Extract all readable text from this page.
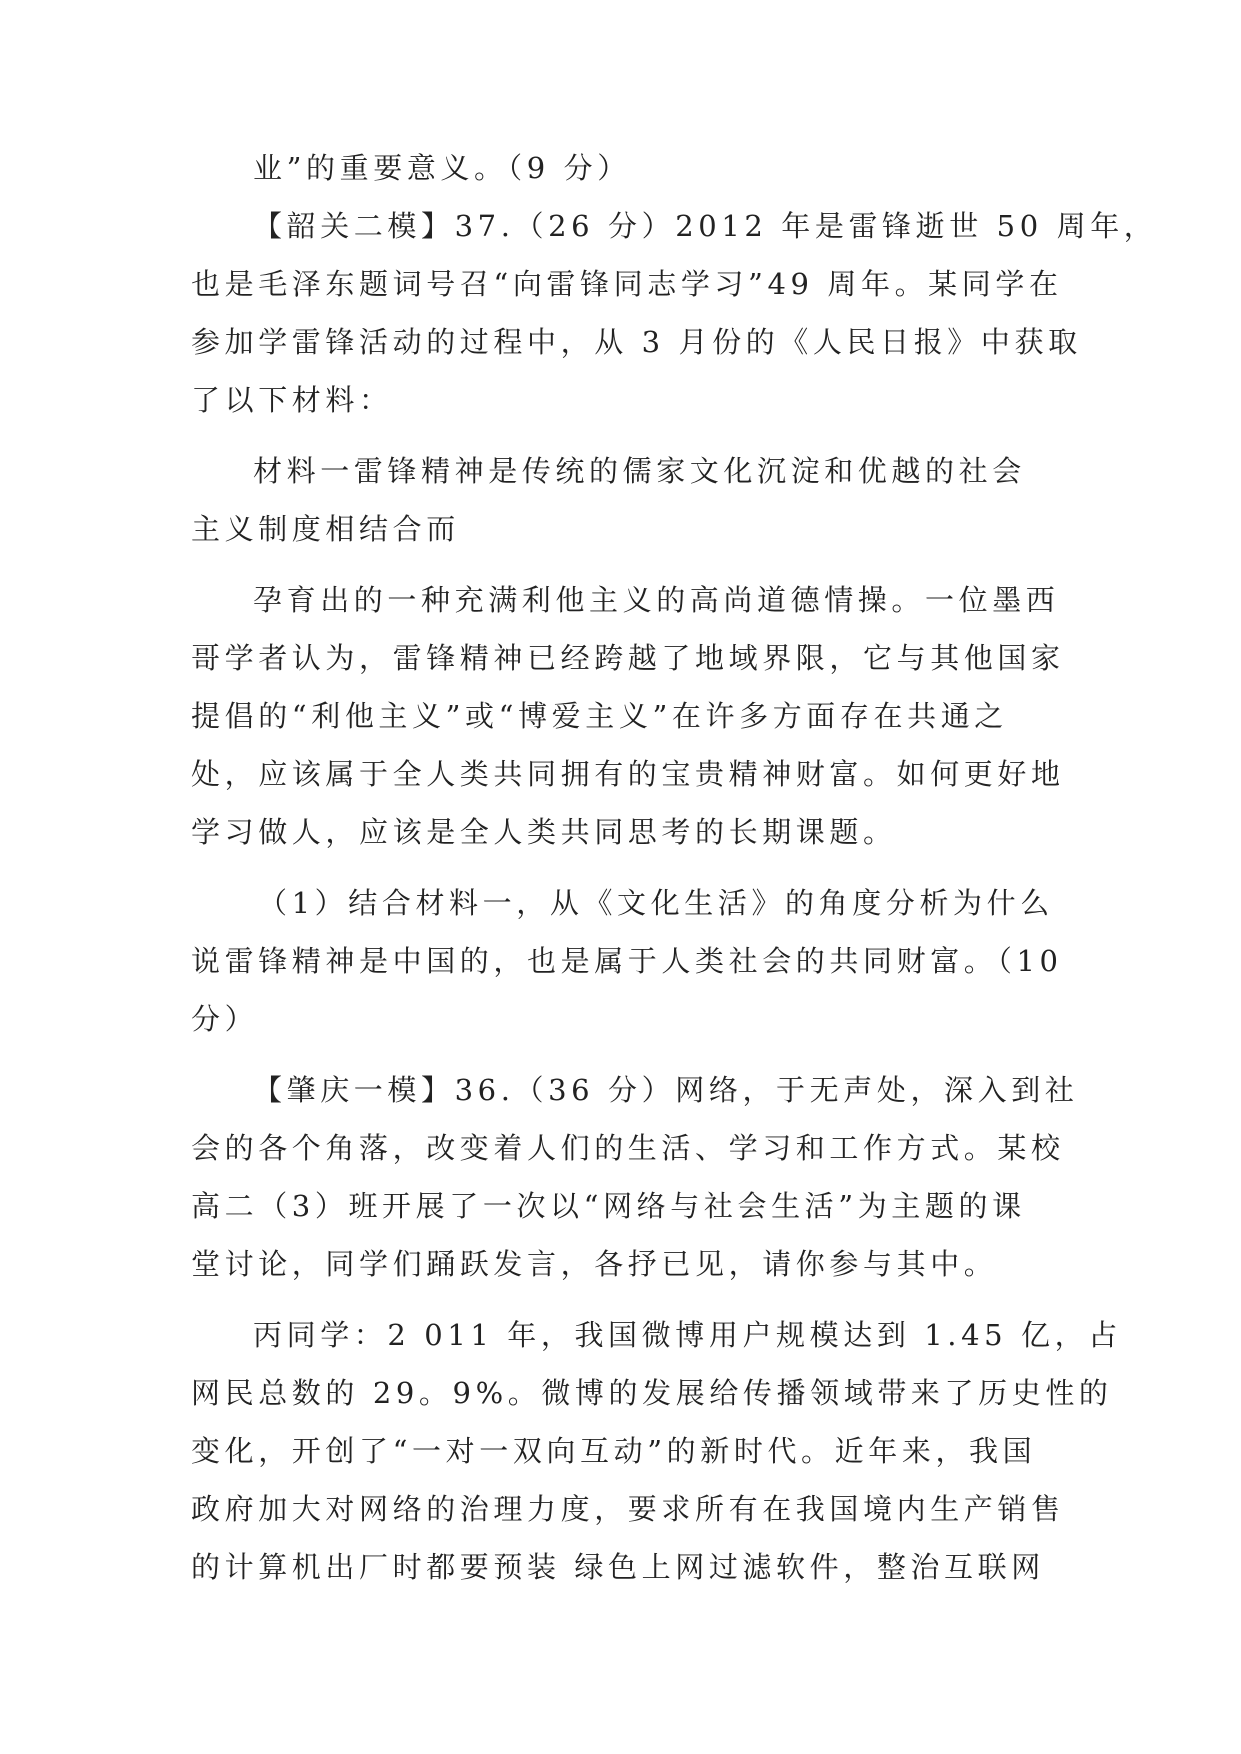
业”的重要意义。（9 分）
【韶关二模】37.（26 分）2012 年是雷锋逝世 50 周年，
也是毛泽东题词号召“向雷锋同志学习”49 周年。某同学在
参加学雷锋活动的过程中，从 3 月份的《人民日报》中获取
了以下材料：
材料一雷锋精神是传统的儒家文化沉淀和优越的社会
主义制度相结合而
孕育出的一种充满利他主义的高尚道德情操。一位墨西
哥学者认为，雷锋精神已经跨越了地域界限，它与其他国家
提倡的“利他主义”或“博爱主义”在许多方面存在共通之
处，应该属于全人类共同拥有的宝贵精神财富。如何更好地
学习做人，应该是全人类共同思考的长期课题。
（1）结合材料一，从《文化生活》的角度分析为什么
说雷锋精神是中国的，也是属于人类社会的共同财富。（10
分）
【肇庆一模】36.（36 分）网络，于无声处，深入到社
会的各个角落，改变着人们的生活、学习和工作方式。某校
高二（3）班开展了一次以“网络与社会生活”为主题的课
堂讨论，同学们踊跃发言，各抒已见，请你参与其中。
丙同学：2 011 年，我国微博用户规模达到 1.45 亿，占
网民总数的 29。9%。微博的发展给传播领域带来了历史性的
变化，开创了“一对一双向互动”的新时代。近年来，我国
政府加大对网络的治理力度，要求所有在我国境内生产销售
的计算机出厂时都要预装 绿色上网过滤软件，整治互联网
